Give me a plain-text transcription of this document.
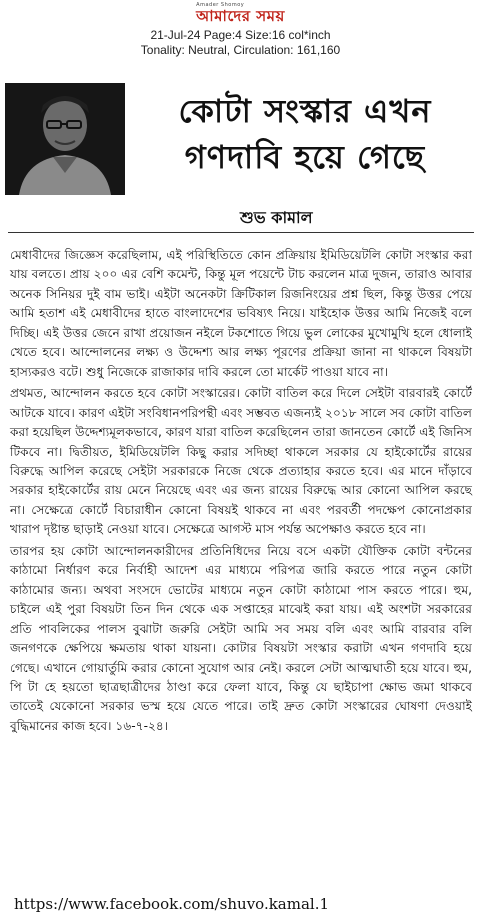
Amader Shomoy
আমাদের সময়
21-Jul-24 Page:4 Size:16 col*inch
Tonality: Neutral, Circulation: 161,160
কোটা সংস্কার এখন
গণদাবি হয়ে গেছে
শুভ কামাল

মেধাবীদের জিজ্ঞেস করেছিলাম, এই পরিস্থিতিতে কোন প্রক্রিয়ায় ইমিডিয়েটলি কোটা সংস্কার করা যায় বলতে। প্রায় ২০০ এর বেশি কমেন্ট, কিন্তু মূল পয়েন্টে টাচ করলেন মাত্র দুজন, তারাও আবার অনেক সিনিয়র দুই বাম ভাই। এইটা অনেকটা ক্রিটিকাল রিজনিংয়ের প্রশ্ন ছিল, কিন্তু উত্তর পেয়ে আমি হতাশ এই মেধাবীদের হাতে বাংলাদেশের ভবিষ্যৎ নিয়ে। যাইহোক উত্তর আমি নিজেই বলে দিচ্ছি। এই উত্তর জেনে রাখা প্রয়োজন নইলে টকশোতে গিয়ে ভুল লোকের মুখোমুখি হলে ধোলাই খেতে হবে। আন্দোলনের লক্ষ্য ও উদ্দেশ্য আর লক্ষ্য পূরণের প্রক্রিয়া জানা না থাকলে বিষয়টা হাস্যকরও বটে। শুধু নিজেকে রাজাকার দাবি করলে তো মার্কেট পাওয়া যাবে না।

প্রথমত, আন্দোলন করতে হবে কোটা সংস্কারের। কোটা বাতিল করে দিলে সেইটা বারবারই কোর্টে আটকে যাবে। কারণ এইটা সংবিধানপরিপন্থী এবং সম্ভবত এজন্যই ২০১৮ সালে সব কোটা বাতিল করা হয়েছিল উদ্দেশ্যমূলকভাবে, কারণ যারা বাতিল করেছিলেন তারা জানতেন কোর্টে এই জিনিস টিকবে না। দ্বিতীয়ত, ইমিডিয়েটলি কিছু করার সদিচ্ছা থাকলে সরকার যে হাইকোর্টের রায়ের বিরুদ্ধে আপিল করেছে সেইটা সরকারকে নিজে থেকে প্রত্যাহার করতে হবে। এর মানে দাঁড়াবে সরকার হাইকোর্টের রায় মেনে নিয়েছে এবং এর জন্য রায়ের বিরুদ্ধে আর কোনো আপিল করছে না। সেক্ষেত্রে কোর্টে বিচারাধীন কোনো বিষয়ই থাকবে না এবং পরবর্তী পদক্ষেপ কোনোপ্রকার খারাপ দৃষ্টান্ত ছাড়াই নেওয়া যাবে। সেক্ষেত্রে আগস্ট মাস পর্যন্ত অপেক্ষাও করতে হবে না।

তারপর হয় কোটা আন্দোলনকারীদের প্রতিনিধিদের নিয়ে বসে একটা যৌক্তিক কোটা বন্টনের কাঠামো নির্ধারণ করে নির্বাহী আদেশ এর মাধ্যমে পরিপত্র জারি করতে পারে নতুন কোটা কাঠামোর জন্য। অথবা সংসদে ভোটের মাধ্যমে নতুন কোটা কাঠামো পাস করতে পারে। হুম, চাইলে এই পুরা বিষয়টা তিন দিন থেকে এক সপ্তাহের মাঝেই করা যায়। এই অংশটা সরকারের প্রতি পাবলিকের পালস বুঝাটা জরুরি সেইটা আমি সব সময় বলি এবং আমি বারবার বলি জনগণকে ক্ষেপিয়ে ক্ষমতায় থাকা যায়না। কোটার বিষয়টা সংস্কার করাটা এখন গণদাবি হয়ে গেছে। এখানে গোয়ার্তুমি করার কোনো সুযোগ আর নেই। করলে সেটা আত্মঘাতী হয়ে যাবে। হুম, পি টা হে হয়তো ছাত্রছাত্রীদের ঠাণ্ডা করে ফেলা যাবে, কিন্তু যে ছাইচাপা ক্ষোভ জমা থাকবে তাতেই যেকোনো সরকার ভস্ম হয়ে যেতে পারে। তাই দ্রুত কোটা সংস্কারের ঘোষণা দেওয়াই বুদ্ধিমানের কাজ হবে। ১৬-৭-২৪।

https://www.facebook.com/shuvo.kamal.1
